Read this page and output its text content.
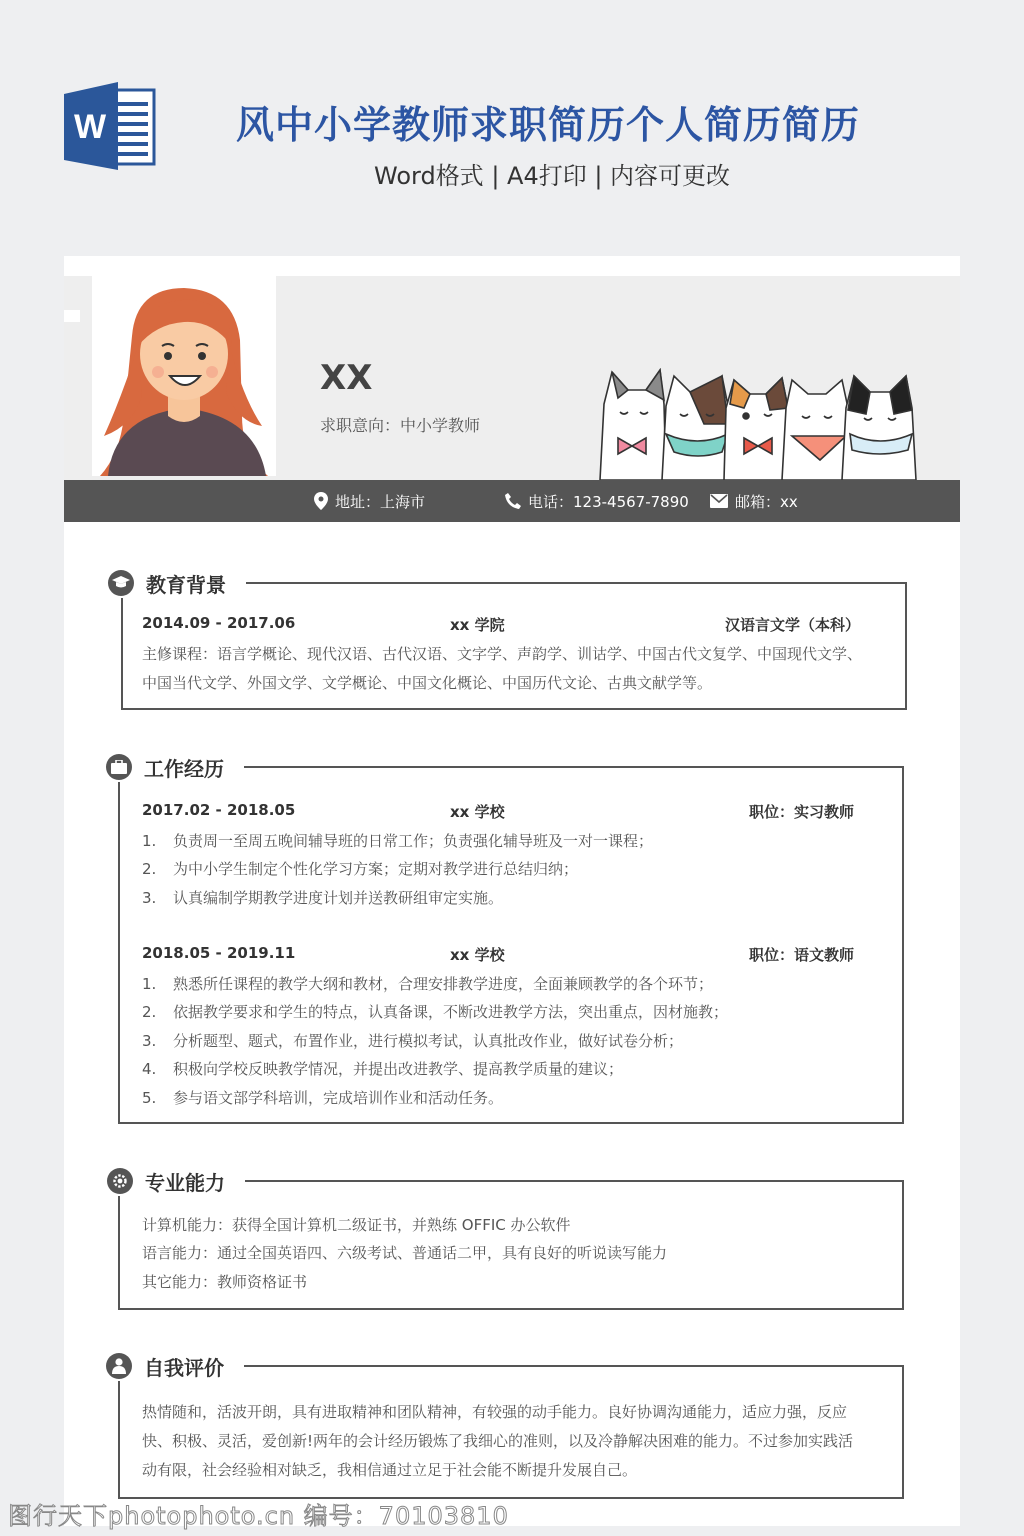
W	风中小学教师求职简历个人简历简历
Word格式 | A4打印 | 内容可更改
XX
求职意向：中小学教师
地址：上海市	电话：123-4567-7890	邮箱：xx
教育背景
2014.09 - 2017.06	xx 学院	汉语言文学（本科）
主修课程：语言学概论、现代汉语、古代汉语、文字学、声韵学、训诂学、中国古代文复学、中国现代文学、
中国当代文学、外国文学、文学概论、中国文化概论、中国历代文论、古典文献学等。
工作经历
2017.02 - 2018.05	xx 学校	职位：实习教师
1. 负责周一至周五晚间辅导班的日常工作；负责强化辅导班及一对一课程；
2. 为中小学生制定个性化学习方案；定期对教学进行总结归纳；
3. 认真编制学期教学进度计划并送教研组审定实施。
2018.05 - 2019.11	xx 学校	职位：语文教师
1. 熟悉所任课程的教学大纲和教材，合理安排教学进度，全面兼顾教学的各个环节；
2. 依据教学要求和学生的特点，认真备课，不断改进教学方法，突出重点，因材施教；
3. 分析题型、题式，布置作业，进行模拟考试，认真批改作业，做好试卷分析；
4. 积极向学校反映教学情况，并提出改进教学、提高教学质量的建议；
5. 参与语文部学科培训，完成培训作业和活动任务。
专业能力
计算机能力：获得全国计算机二级证书，并熟练 OFFIC 办公软件
语言能力：通过全国英语四、六级考试、普通话二甲，具有良好的听说读写能力
其它能力：教师资格证书
自我评价
热情随和，活波开朗，具有进取精神和团队精神，有较强的动手能力。良好协调沟通能力，适应力强，反应
快、积极、灵活，爱创新!两年的会计经历锻炼了我细心的准则，以及冷静解决困难的能力。不过参加实践活
动有限，社会经验相对缺乏，我相信通过立足于社会能不断提升发展自己。
图行天下photophoto.cn 编号：70103810
